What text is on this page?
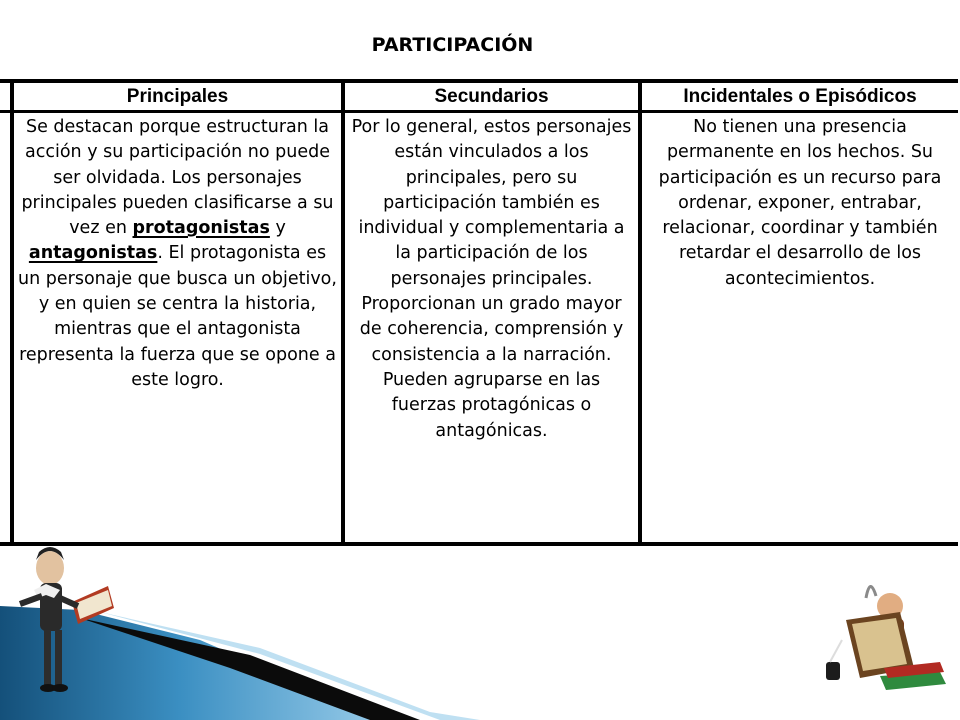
PARTICIPACIÓN
Principales	Secundarios	Incidentales o Episódicos
Se destacan porque estructuran la acción y su participación no puede ser olvidada. Los personajes principales pueden clasificarse a su vez en protagonistas y antagonistas. El protagonista es un personaje que busca un objetivo, y en quien se centra la historia, mientras que el antagonista representa la fuerza que se opone a este logro.
Por lo general, estos personajes están vinculados a los principales, pero su participación también es individual y complementaria a la participación de los personajes principales. Proporcionan un grado mayor de coherencia, comprensión y consistencia a la narración. Pueden agruparse en las fuerzas protagónicas o antagónicas.
No tienen una presencia permanente en los hechos. Su participación es un recurso para ordenar, exponer, entrabar, relacionar, coordinar y también retardar el desarrollo de los acontecimientos.
